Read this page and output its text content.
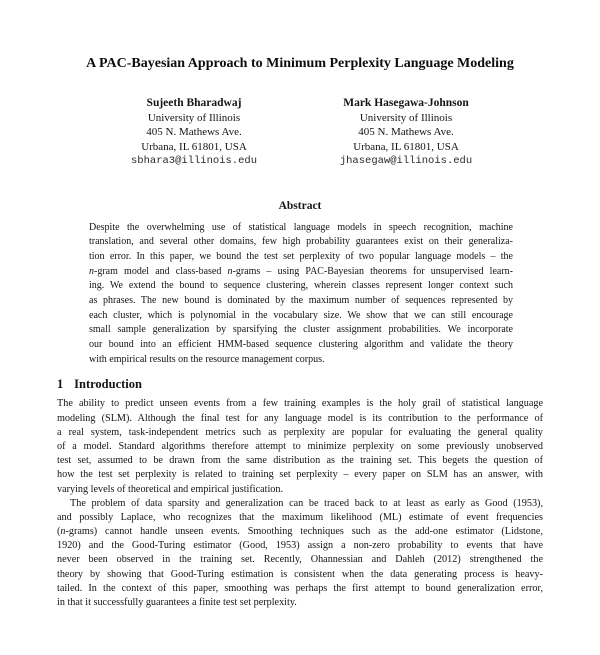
A PAC-Bayesian Approach to Minimum Perplexity Language Modeling
Sujeeth Bharadwaj
University of Illinois
405 N. Mathews Ave.
Urbana, IL 61801, USA
sbhara3@illinois.edu
Mark Hasegawa-Johnson
University of Illinois
405 N. Mathews Ave.
Urbana, IL 61801, USA
jhasegaw@illinois.edu
Abstract
Despite the overwhelming use of statistical language models in speech recognition, machine
translation, and several other domains, few high probability guarantees exist on their generaliza-
tion error. In this paper, we bound the test set perplexity of two popular language models – the
n-gram model and class-based n-grams – using PAC-Bayesian theorems for unsupervised learn-
ing. We extend the bound to sequence clustering, wherein classes represent longer context such
as phrases. The new bound is dominated by the maximum number of sequences represented by
each cluster, which is polynomial in the vocabulary size. We show that we can still encourage
small sample generalization by sparsifying the cluster assignment probabilities. We incorporate
our bound into an efficient HMM-based sequence clustering algorithm and validate the theory
with empirical results on the resource management corpus.
1 Introduction
The ability to predict unseen events from a few training examples is the holy grail of statistical language
modeling (SLM). Although the final test for any language model is its contribution to the performance of
a real system, task-independent metrics such as perplexity are popular for evaluating the general quality
of a model. Standard algorithms therefore attempt to minimize perplexity on some previously unobserved
test set, assumed to be drawn from the same distribution as the training set. This begets the question of
how the test set perplexity is related to training set perplexity – every paper on SLM has an answer, with
varying levels of theoretical and empirical justification.
The problem of data sparsity and generalization can be traced back to at least as early as Good (1953),
and possibly Laplace, who recognizes that the maximum likelihood (ML) estimate of event frequencies
(n-grams) cannot handle unseen events. Smoothing techniques such as the add-one estimator (Lidstone,
1920) and the Good-Turing estimator (Good, 1953) assign a non-zero probability to events that have
never been observed in the training set. Recently, Ohannessian and Dahleh (2012) strengthened the
theory by showing that Good-Turing estimation is consistent when the data generating process is heavy-
tailed. In the context of this paper, smoothing was perhaps the first attempt to bound generalization error,
in that it successfully guarantees a finite test set perplexity.
